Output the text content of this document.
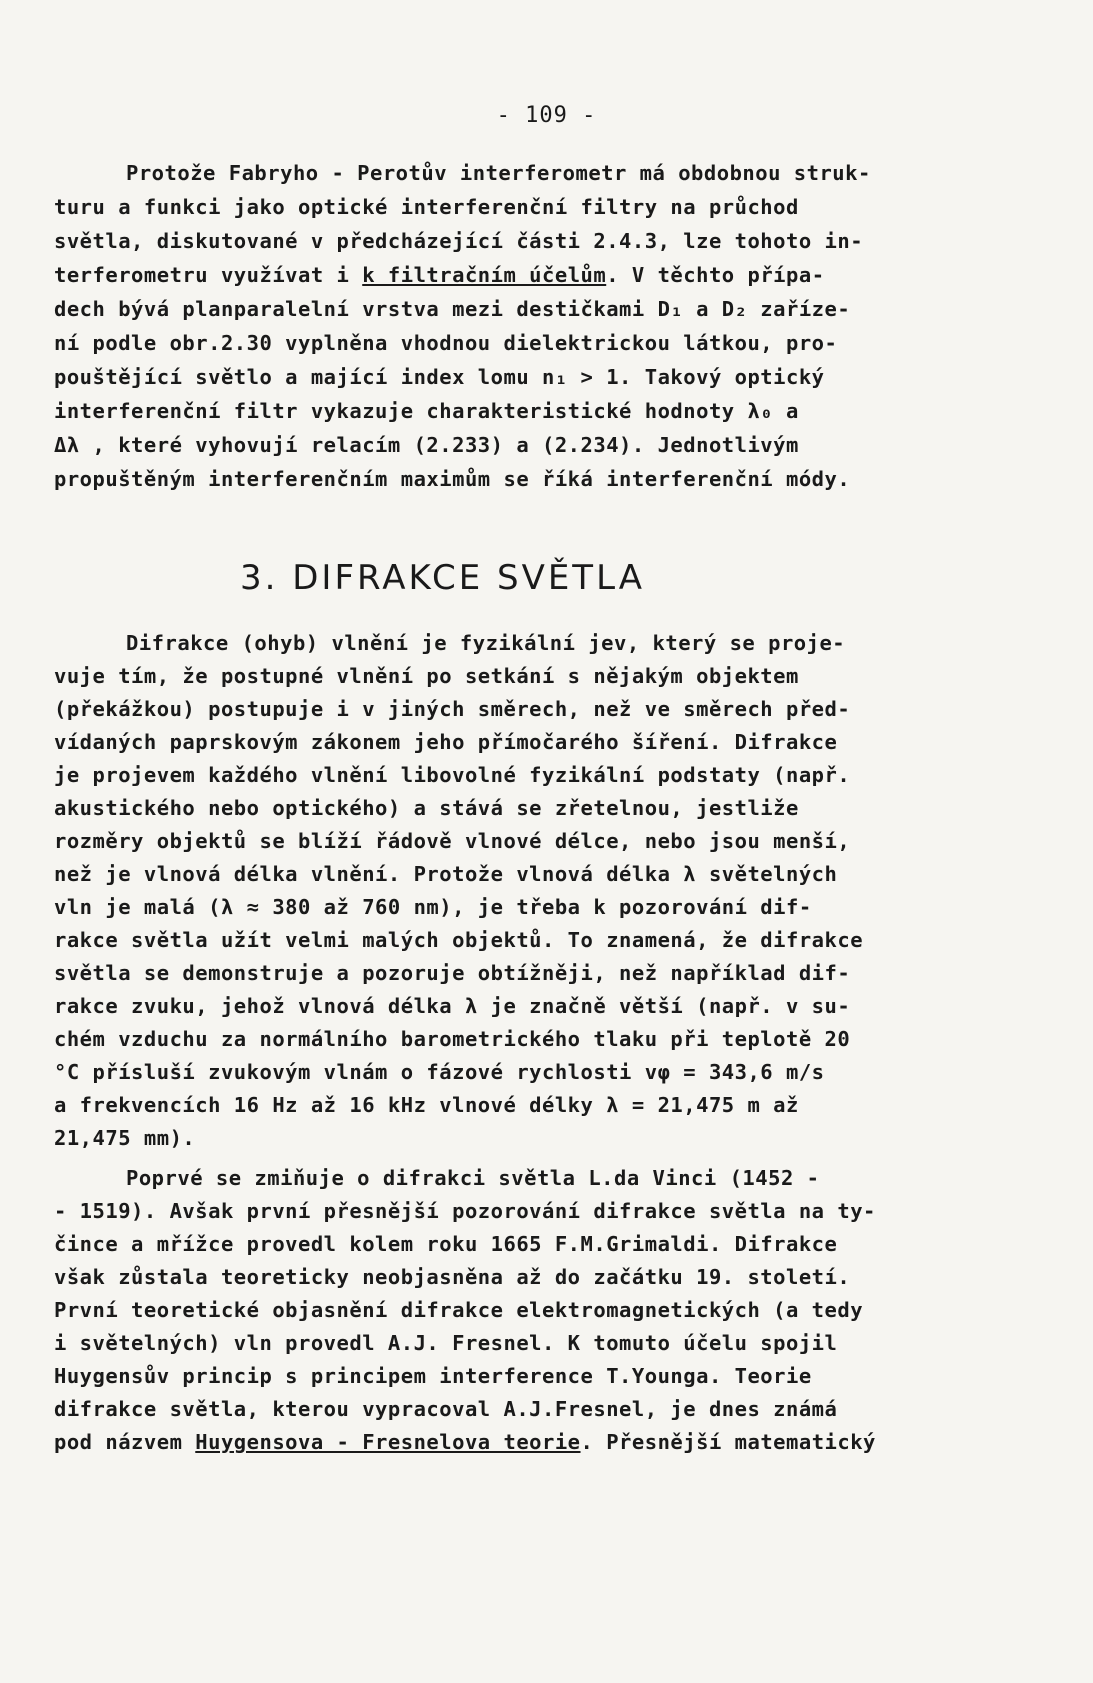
- 109 -
Protože Fabryho - Perotův interferometr má obdobnou struk-
turu a funkci jako optické interferenční filtry na průchod
světla, diskutované v předcházející části 2.4.3, lze tohoto in-
terferometru využívat i k filtračním účelům. V těchto přípa-
dech bývá planparalelní vrstva mezi destičkami D₁ a D₂ zaříze-
ní podle obr.2.30 vyplněna vhodnou dielektrickou látkou, pro-
pouštějící světlo a mající index lomu n₁ > 1. Takový optický
interferenční filtr vykazuje charakteristické hodnoty λ₀ a
Δλ , které vyhovují relacím (2.233) a (2.234). Jednotlivým
propuštěným interferenčním maximům se říká interferenční módy.
3. DIFRAKCE SVĚTLA
Difrakce (ohyb) vlnění je fyzikální jev, který se proje-
vuje tím, že postupné vlnění po setkání s nějakým objektem
(překážkou) postupuje i v jiných směrech, než ve směrech před-
vídaných paprskovým zákonem jeho přímočarého šíření. Difrakce
je projevem každého vlnění libovolné fyzikální podstaty (např.
akustického nebo optického) a stává se zřetelnou, jestliže
rozměry objektů se blíží řádově vlnové délce, nebo jsou menší,
než je vlnová délka vlnění. Protože vlnová délka λ světelných
vln je malá (λ ≈ 380 až 760 nm), je třeba k pozorování dif-
rakce světla užít velmi malých objektů. To znamená, že difrakce
světla se demonstruje a pozoruje obtížněji, než například dif-
rakce zvuku, jehož vlnová délka λ je značně větší (např. v su-
chém vzduchu za normálního barometrického tlaku při teplotě 20
°C přísluší zvukovým vlnám o fázové rychlosti vφ = 343,6 m/s
a frekvencích 16 Hz až 16 kHz vlnové délky λ = 21,475 m až
21,475 mm).
Poprvé se zmiňuje o difrakci světla L.da Vinci (1452 -
- 1519). Avšak první přesnější pozorování difrakce světla na ty-
čince a mřížce provedl kolem roku 1665 F.M.Grimaldi. Difrakce
však zůstala teoreticky neobjasněna až do začátku 19. století.
První teoretické objasnění difrakce elektromagnetických (a tedy
i světelných) vln provedl A.J. Fresnel. K tomuto účelu spojil
Huygensův princip s principem interference T.Younga. Teorie
difrakce světla, kterou vypracoval A.J.Fresnel, je dnes známá
pod názvem Huygensova - Fresnelova teorie. Přesnější matematický
